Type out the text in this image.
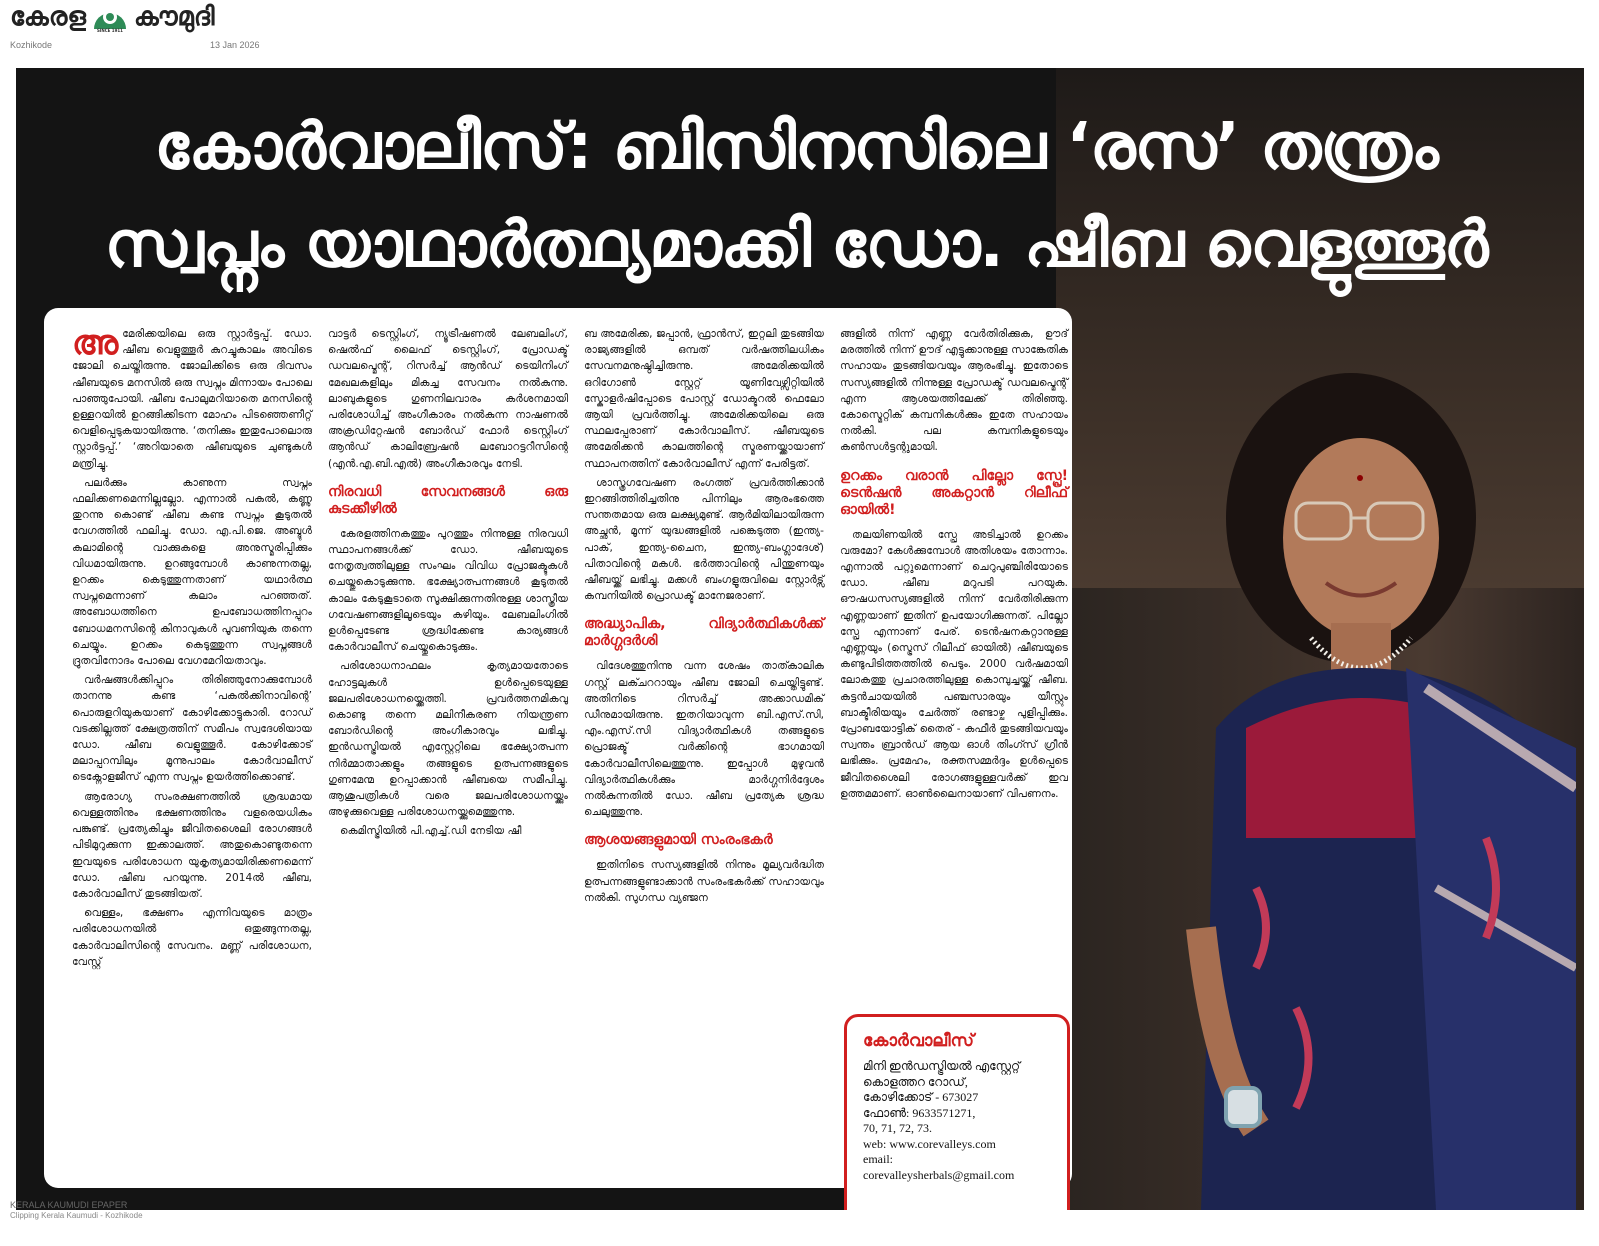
കേരള	SINCE 1911 കൗമുദി
Kozhikode	13 Jan 2026
കോർവാലീസ്: ബിസിനസിലെ ‘രസ’ തന്ത്രം
സ്വപ്നം യാഥാർത്ഥ്യമാക്കി ഡോ. ഷീബ വെളുത്തൂർ

അമേരിക്കയിലെ ഒരു സ്റ്റാർട്ടപ്പ്. ഡോ. ഷീബ വെളുത്തൂർ കുറച്ചുകാലം അവിടെ ജോലി ചെയ്തിരുന്നു. ജോലിക്കിടെ ഒരു ദിവസം ഷീബയുടെ മനസിൽ ഒരു സ്വപ്നം മിന്നായം പോലെ പാഞ്ഞുപോയി. ഷീബ പോലുമറിയാതെ മനസിന്റെ ഉള്ളറയിൽ ഉറങ്ങിക്കിടന്ന മോഹം പിടഞ്ഞെണീറ്റ് വെളിപ്പെടുകയായിരുന്നു. ‘തനിക്കും ഇതുപോലൊരു സ്റ്റാർട്ടപ്പ്.’ ‘അറിയാതെ ഷീബയുടെ ചുണ്ടുകൾ മന്ത്രിച്ചു.

പലർക്കും കാണുന്ന സ്വപ്നം ഫലിക്കണമെന്നില്ലല്ലോ. എന്നാൽ പകൽ, കണ്ണു തുറന്നു കൊണ്ട് ഷീബ കണ്ട സ്വപ്നം കൂടുതൽ വേഗത്തിൽ ഫലിച്ചു. ഡോ. എ.പി.ജെ. അബ്ദുൾ കലാമിന്റെ വാക്കുകളെ അനുസ്മരിപ്പിക്കും വിധമായിരുന്നു. ഉറങ്ങുമ്പോൾ കാണുന്നതല്ല, ഉറക്കം കെടുത്തുന്നതാണ് യഥാർത്ഥ സ്വപ്നമെന്നാണ് കലാം പറഞ്ഞത്. അബോധത്തിനെ ഉപബോധത്തിനപ്പുറം ബോധമനസിന്റെ കിനാവുകൾ പൂവണിയുക തന്നെ ചെയ്യും. ഉറക്കം കെടുത്തുന്ന സ്വപ്നങ്ങൾ ദ്രുതവിനോദം പോലെ വേഗമേറിയതാവും.

വർഷങ്ങൾക്കിപ്പുറം തിരിഞ്ഞുനോക്കുമ്പോൾ താനന്നു കണ്ട ‘പകൽക്കിനാവിന്റെ’ പൊരുളറിയുകയാണ് കോഴിക്കോട്ടുകാരി. റോഡ് വടക്കില്ലത്ത് ക്ഷേത്രത്തിന് സമീപം സ്വദേശിയായ ഡോ. ഷീബ വെളുത്തൂർ. കോഴിക്കോട് മലാപ്പറമ്പിലും മൂന്നുപാലം കോർവാലീസ് ടെക്നോളജീസ് എന്ന സ്വപ്നം ഉയർത്തിക്കൊണ്ട്.

ആരോഗ്യ സംരക്ഷണത്തിൽ ശ്രദ്ധമായ വെള്ളത്തിനും ഭക്ഷണത്തിനും വളരെയധികം പങ്കുണ്ട്. പ്രത്യേകിച്ചും ജീവിതശൈലി രോഗങ്ങൾ പിടിമുറുക്കുന്ന ഇക്കാലത്ത്. അതുകൊണ്ടുതന്നെ ഇവയുടെ പരിശോധന യുകൃത്യമായിരിക്കണമെന്ന് ഡോ. ഷീബ പറയുന്നു. 2014ൽ ഷീബ, കോർവാലീസ് തുടങ്ങിയത്.

വെള്ളം, ഭക്ഷണം എന്നിവയുടെ മാത്രം പരിശോധനയിൽ ഒതുങ്ങുന്നതല്ല, കോർവാലിസിന്റെ സേവനം. മണ്ണ് പരിശോധന, വേസ്റ്റ്

വാട്ടർ ടെസ്റ്റിംഗ്, ന്യൂട്രീഷണൽ ലേബലിംഗ്, ഷെൽഫ് ലൈഫ് ടെസ്റ്റിംഗ്, പ്രോഡക്ട് ഡവലപ്മെന്റ്, റിസർച്ച് ആൻഡ് ടെയിനിംഗ് മേഖലകളിലും മികച്ച സേവനം നൽകുന്നു. ലാബുകളുടെ ഗുണനിലവാരം കർശനമായി പരിശോധിച്ച് അംഗീകാരം നൽകുന്ന നാഷണൽ അക്രഡിറ്റേഷൻ ബോർഡ് ഫോർ ടെസ്റ്റിംഗ് ആൻഡ് കാലിബ്രേഷൻ ലബോറട്ടറീസിന്റെ (എൻ.എ.ബി.എൽ) അംഗീകാരവും നേടി.

നിരവധി സേവനങ്ങൾ ഒരു കുടക്കീഴിൽ

കേരളത്തിനകത്തും പുറത്തും നിന്നുള്ള നിരവധി സ്ഥാപനങ്ങൾക്ക് ഡോ. ഷീബയുടെ നേതൃത്വത്തിലുള്ള സംഘം വിവിധ പ്രോജക്ടുകൾ ചെയ്തുകൊടുക്കുന്നു. ഭക്ഷ്യോത്പന്നങ്ങൾ കൂടുതൽ കാലം കേടുകൂടാതെ സൂക്ഷിക്കുന്നതിനുള്ള ശാസ്ത്രീയ ഗവേഷണങ്ങളിലൂടെയും കഴിയും. ലേബലിംഗിൽ ഉൾപ്പെടേണ്ട ശ്രദ്ധിക്കേണ്ട കാര്യങ്ങൾ കോർവാലീസ് ചെയ്തുകൊടുക്കും.

പരിശോധനാഫലം കൃത്യമായതോടെ ഹോട്ടലുകൾ ഉൾപ്പെടെയുള്ള ജലപരിശോധനയ്ക്കെത്തി. പ്രവർത്തനമികവു കൊണ്ടു തന്നെ മലിനീകരണ നിയന്ത്രണ ബോർഡിന്റെ അംഗീകാരവും ലഭിച്ചു. ഇൻഡസ്ട്രിയൽ എസ്റ്റേറ്റിലെ ഭക്ഷ്യോത്പന്ന നിർമ്മാതാക്കളും തങ്ങളുടെ ഉത്പന്നങ്ങളുടെ ഗുണമേന്മ ഉറപ്പാക്കാൻ ഷീബയെ സമീപിച്ചു. ആശുപത്രികൾ വരെ ജലപരിശോധനയ്ക്കും അഴുക്കുവെള്ള പരിശോധനയ്ക്കുമെത്തുന്നു.

കെമിസ്ട്രിയിൽ പി.എച്ച്.ഡി നേടിയ ഷീ

ബ അമേരിക്ക, ജപ്പാൻ, ഫ്രാൻസ്, ഇറ്റലി തുടങ്ങിയ രാജ്യങ്ങളിൽ ഒമ്പത് വർഷത്തിലധികം സേവനമനുഷ്ഠിച്ചിരുന്നു. അമേരിക്കയിൽ ഒറിഗോൺ സ്റ്റേറ്റ് യൂണിവേഴ്സിറ്റിയിൽ സ്കോളർഷിപ്പോടെ പോസ്റ്റ് ഡോക്ടറൽ ഫെലോ ആയി പ്രവർത്തിച്ചു. അമേരിക്കയിലെ ഒരു സ്ഥലപ്പേരാണ് കോർവാലീസ്. ഷീബയുടെ അമേരിക്കൻ കാലത്തിന്റെ സ്മരണയ്ക്കായാണ് സ്ഥാപനത്തിന് കോർവാലീസ് എന്ന് പേരിട്ടത്.

ശാസ്ത്രഗവേഷണ രംഗത്ത് പ്രവർത്തിക്കാൻ ഇറങ്ങിത്തിരിച്ചതിനു പിന്നിലും ആരംഭത്തെ സന്തതമായ ഒരു ലക്ഷ്യമുണ്ട്. ആർമിയിലായിരുന്ന അച്ഛൻ, മൂന്ന് യുദ്ധങ്ങളിൽ പങ്കെടുത്ത (ഇന്ത്യ-പാക്, ഇന്ത്യ-ചൈന, ഇന്ത്യ-ബംഗ്ലാദേശ്) പിതാവിന്റെ മകൾ. ഭർത്താവിന്റെ പിന്തുണയും ഷീബയ്ക്ക് ലഭിച്ചു. മക്കൾ ബംഗളൂരുവിലെ സ്റ്റോർട്സ് കമ്പനിയിൽ പ്രൊഡക്ട് മാനേജരാണ്.

അദ്ധ്യാപിക, വിദ്യാർത്ഥികൾക്ക് മാർഗ്ഗദർശി

വിദേശത്തുനിന്നു വന്ന ശേഷം താത്കാലിക ഗസ്റ്റ് ലക്ചററായും ഷീബ ജോലി ചെയ്തിട്ടുണ്ട്. അതിനിടെ റിസർച്ച് അക്കാഡമിക് ഡീനുമായിരുന്നു. ഇതറിയാവുന്ന ബി.എസ്.സി, എം.എസ്.സി വിദ്യാർത്ഥികൾ തങ്ങളുടെ പ്രൊജക്ട് വർക്കിന്റെ ഭാഗമായി കോർവാലീസിലെത്തുന്നു. ഇപ്പോൾ മുഴുവൻ വിദ്യാർത്ഥികൾക്കും മാർഗ്ഗനിർദ്ദേശം നൽകുന്നതിൽ ഡോ. ഷീബ പ്രത്യേക ശ്രദ്ധ ചെലുത്തുന്നു.

ആശയങ്ങളുമായി സംരംഭകർ

ഇതിനിടെ സസ്യങ്ങളിൽ നിന്നും മൂല്യവർദ്ധിത ഉത്പന്നങ്ങളുണ്ടാക്കാൻ സംരംഭകർക്ക് സഹായവും നൽകി. സുഗന്ധ വ്യഞ്ജന

ങ്ങളിൽ നിന്ന് എണ്ണ വേർതിരിക്കുക, ഊദ് മരത്തിൽ നിന്ന് ഊദ് എട്ടുക്കാനുള്ള സാങ്കേതിക സഹായം തുടങ്ങിയവയും ആരംഭിച്ചു. ഇതോടെ സസ്യങ്ങളിൽ നിന്നുള്ള പ്രോഡക്ട് ഡവലപ്മെന്റ് എന്ന ആശയത്തിലേക്ക് തിരിഞ്ഞു. കോസ്മെറ്റിക് കമ്പനികൾക്കും ഇതേ സഹായം നൽകി. പല കമ്പനികളുടെയും കൺസൾട്ടന്റുമായി.

ഉറക്കം വരാൻ പില്ലോ സ്പ്രേ! ടെൻഷൻ അകറ്റാൻ റിലീഫ് ഓയിൽ!

തലയിണയിൽ സ്പ്രേ അടിച്ചാൽ ഉറക്കം വരുമോ? കേൾക്കുമ്പോൾ അതിശയം തോന്നാം. എന്നാൽ പറ്റുമെന്നാണ് ചെറുപുഞ്ചിരിയോടെ ഡോ. ഷീബ മറുപടി പറയുക. ഔഷധസസ്യങ്ങളിൽ നിന്ന് വേർതിരിക്കുന്ന എണ്ണയാണ് ഇതിന് ഉപയോഗിക്കുന്നത്. പില്ലോ സ്പ്രേ എന്നാണ് പേര്. ടെൻഷനകറ്റാനുള്ള എണ്ണയും (സ്ട്രെസ് റിലീഫ് ഓയിൽ) ഷീബയുടെ കണ്ടുപിടിത്തത്തിൽ പെടും. 2000 വർഷമായി ലോകത്തു പ്രചാരത്തിലുള്ള കൊമ്പുച്ചയ്ക്ക് ഷീബ. കട്ടൻചായയിൽ പഞ്ചസാരയും യീസ്റ്റും ബാക്ടീരിയയും ചേർത്ത് രണ്ടാഴ്ച പുളിപ്പിക്കും. പ്രോബയോട്ടിക് തൈര് - കഫീർ തുടങ്ങിയവയും സ്വന്തം ബ്രാൻഡ് ആയ ഓൾ തിംഗ്സ് ഗ്രീൻ ലഭിക്കും. പ്രമേഹം, രക്തസമ്മർദ്ദം ഉൾപ്പെടെ ജീവിതശൈലി രോഗങ്ങളുള്ളവർക്ക് ഇവ ഉത്തമമാണ്. ഓൺലൈനായാണ് വിപണനം.

കോർവാലീസ്
മിനി ഇൻഡസ്ട്രിയൽ എസ്റ്റേറ്റ്
കൊളത്തറ റോഡ്,
കോഴിക്കോട് - 673027
ഫോൺ: 9633571271,
70, 71, 72, 73.
web: www.corevalleys.com
email:
corevalleysherbals@gmail.com
KERALA KAUMUDI EPAPER
Clipping Kerala Kaumudi - Kozhikode
